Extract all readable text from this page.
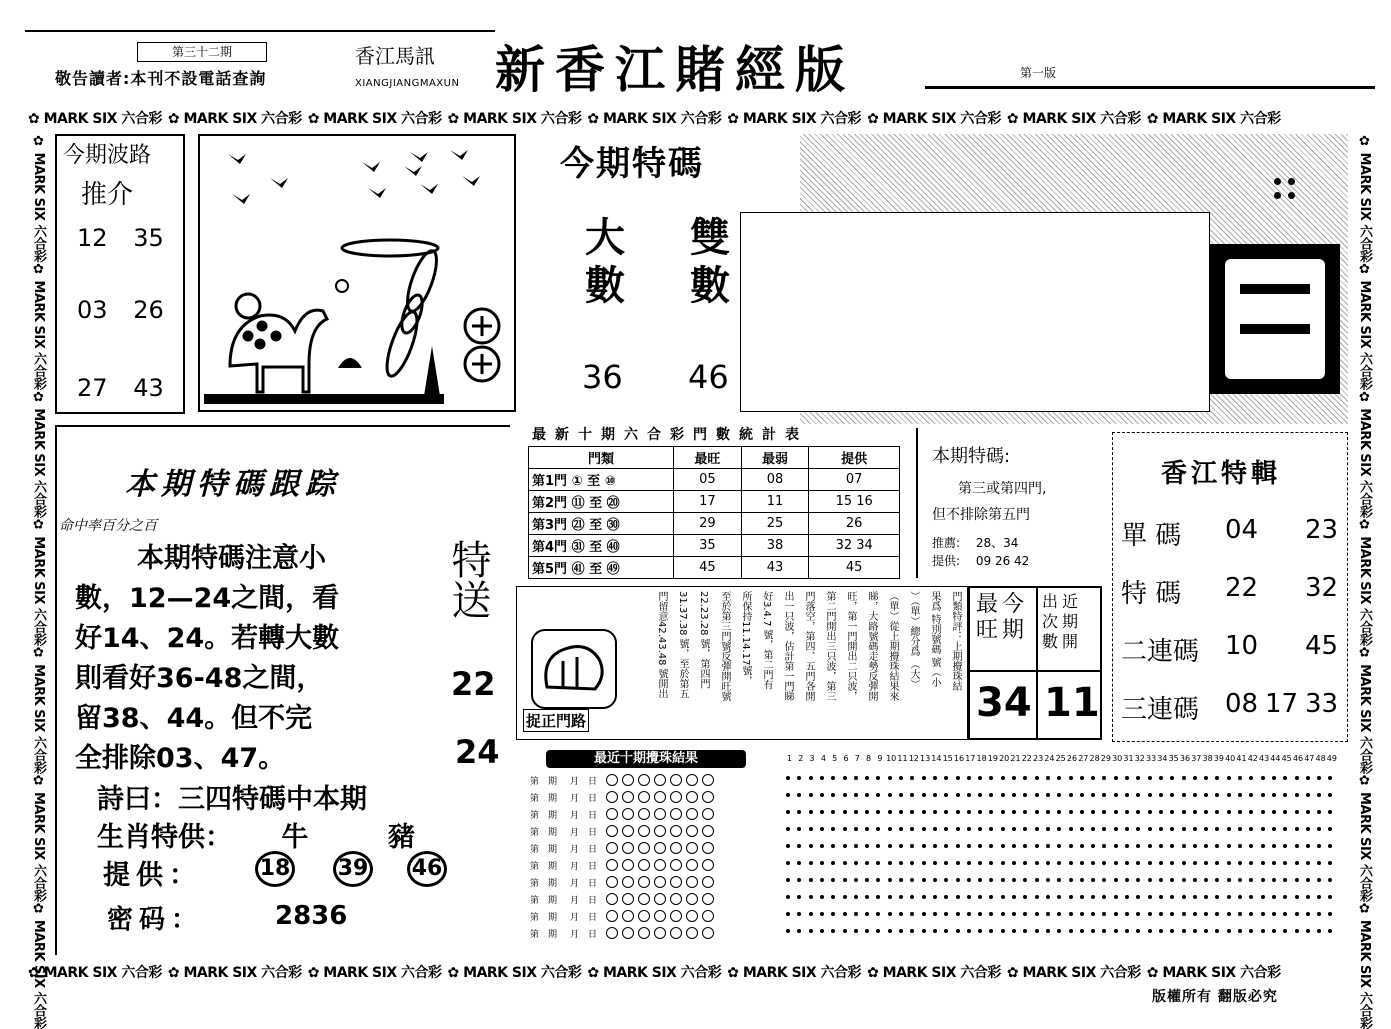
第三十二期
敬告讀者:本刊不設電話查詢
香江馬訊
XIANGJIANGMAXUN 新香江賭經版	第一版
✿ MARK SIX 六合彩 ✿ MARK SIX 六合彩 ✿ MARK SIX 六合彩 ✿ MARK SIX 六合彩 ✿ MARK SIX 六合彩 ✿ MARK SIX 六合彩 ✿ MARK SIX 六合彩 ✿ MARK SIX 六合彩 ✿ MARK SIX 六合彩
✿ MARK SIX 六合彩 ✿ MARK SIX 六合彩 ✿ MARK SIX 六合彩 ✿ MARK SIX 六合彩 ✿ MARK SIX 六合彩 ✿ MARK SIX 六合彩 ✿ MARK SIX 六合彩 ✿ MARK SIX 六合彩 ✿ MARK SIX 六合彩
✿ MARK SIX 六合彩✿ MARK SIX 六合彩✿ MARK SIX 六合彩✿ MARK SIX 六合彩✿ MARK SIX 六合彩✿ MARK SIX 六合彩✿ MARK SIX 六合彩
✿ MARK SIX 六合彩✿ MARK SIX 六合彩✿ MARK SIX 六合彩✿ MARK SIX 六合彩✿ MARK SIX 六合彩✿ MARK SIX 六合彩✿ MARK SIX 六合彩
今期波路
推介
12 35
03 26
27 43
今期特碼
大
數
雙
數
36 46
本期特碼跟踪
命中率百分之百
本期特碼注意小
數，12—24之間，看
好14、24。若轉大數
則看好36-48之間，
留38、44。但不完
全排除03、47。
特送
22
24
詩曰：三四特碼中本期
生肖特供： 牛	豬
提供：	18 39 46
密码：	2836
最新十期六合彩門數統計表
門類	最旺	最弱	提供
第1門 ① 至 ⑩	05	08	07
第2門 ⑪ 至 ⑳	17	11	15 16
第3門 ㉑ 至 ㉚	29	25	26
第4門 ㉛ 至 ㊵	35	38	32 34
第5門 ㊶ 至 ㊾	45	43	45
本期特碼:
第三或第四門,
但不排除第五門
推薦: 28、34
提供: 09 26 42
捉正門路
門類特評：上期攪珠結
果爲 特別號碼 號（小
）（單）總分爲 （大）
（單）從上期攪珠結果來
睇，大路號碼走勢反彈開
旺，第一門開出二只波，
第二門開出三只波，第三
門落空，第四、五門各開
出一只波，估計第一門睇
好3.4.7 號，第二門有
所保持11.14.17號，
至於第三門號反彈開旺號
22.23.28 號，第四門
31.37.38 號，至於第五
門留意42.43.48 號開出	最 今
旺 期
出 近
次 期
數 開
34 11
香江特輯
單 碼 04 23
特 碼 22 32
二連碼 10 45
三連碼 08 17 33
最近十期攪珠結果
第 期	月 日
第 期	月 日
第 期	月 日
第 期	月 日
第 期	月 日
第 期	月 日
第 期	月 日
第 期	月 日
第 期	月 日
第 期	月 日
1 2 3 4 5 6 7 8 9 10 11 12 13 14 15 16 17 18 19 20 21 22 23 24 25 26 27 28 29 30 31 32 33 34 35 36 37 38 39 40 41 42 43 44 45 46 47 48 49
版權所有 翻版必究
